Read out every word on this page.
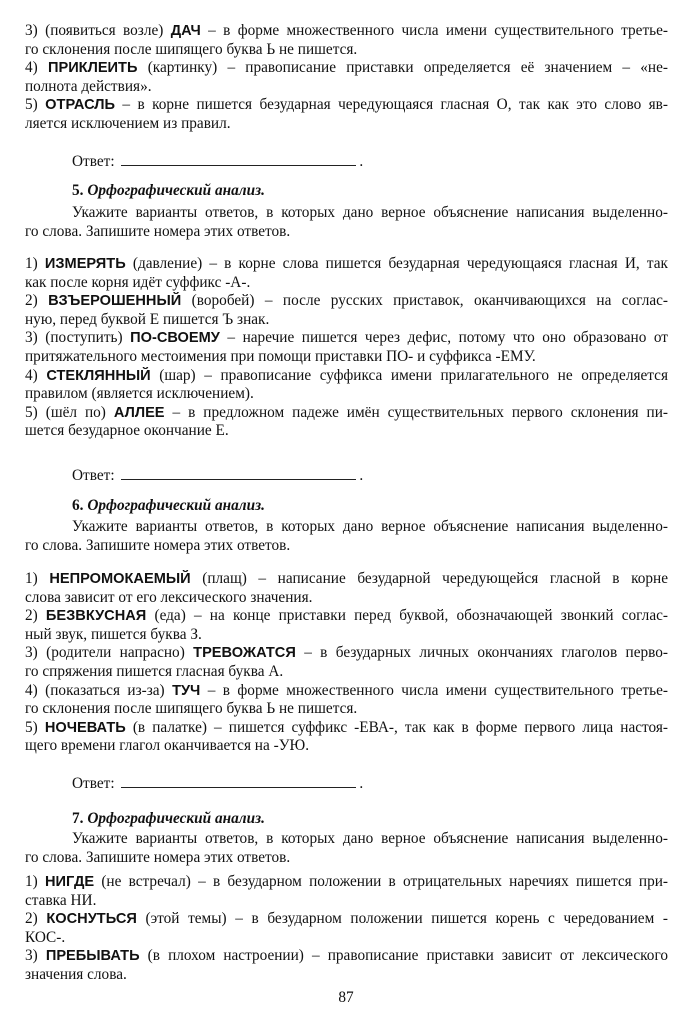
3) (появиться возле) ДАЧ – в форме множественного числа имени существительного третье-
го склонения после шипящего буква Ь не пишется.
4) ПРИКЛЕИТЬ (картинку) – правописание приставки определяется её значением – «не-
полнота действия».
5) ОТРАСЛЬ – в корне пишется безударная чередующаяся гласная О, так как это слово яв-
ляется исключением из правил.
Ответ:	.
5. Орфографический анализ.
Укажите варианты ответов, в которых дано верное объяснение написания выделенно-
го слова. Запишите номера этих ответов.
1) ИЗМЕРЯТЬ (давление) – в корне слова пишется безударная чередующаяся гласная И, так
как после корня идёт суффикс -А-.
2) ВЗЪЕРОШЕННЫЙ (воробей) – после русских приставок, оканчивающихся на соглас-
ную, перед буквой Е пишется Ъ знак.
3) (поступить) ПО-СВОЕМУ – наречие пишется через дефис, потому что оно образовано от
притяжательного местоимения при помощи приставки ПО- и суффикса -ЕМУ.
4) СТЕКЛЯННЫЙ (шар) – правописание суффикса имени прилагательного не определяется
правилом (является исключением).
5) (шёл по) АЛЛЕЕ – в предложном падеже имён существительных первого склонения пи-
шется безударное окончание Е.
Ответ:	.
6. Орфографический анализ.
Укажите варианты ответов, в которых дано верное объяснение написания выделенно-
го слова. Запишите номера этих ответов.
1) НЕПРОМОКАЕМЫЙ (плащ) – написание безударной чередующейся гласной в корне
слова зависит от его лексического значения.
2) БЕЗВКУСНАЯ (еда) – на конце приставки перед буквой, обозначающей звонкий соглас-
ный звук, пишется буква З.
3) (родители напрасно) ТРЕВОЖАТСЯ – в безударных личных окончаниях глаголов перво-
го спряжения пишется гласная буква А.
4) (показаться из-за) ТУЧ – в форме множественного числа имени существительного третье-
го склонения после шипящего буква Ь не пишется.
5) НОЧЕВАТЬ (в палатке) – пишется суффикс -ЕВА-, так как в форме первого лица настоя-
щего времени глагол оканчивается на -УЮ.
Ответ:	.
7. Орфографический анализ.
Укажите варианты ответов, в которых дано верное объяснение написания выделенно-
го слова. Запишите номера этих ответов.
1) НИГДЕ (не встречал) – в безударном положении в отрицательных наречиях пишется при-
ставка НИ.
2) КОСНУТЬСЯ (этой темы) – в безударном положении пишется корень с чередованием -
КОС-.
3) ПРЕБЫВАТЬ (в плохом настроении) – правописание приставки зависит от лексического
значения слова.
87
